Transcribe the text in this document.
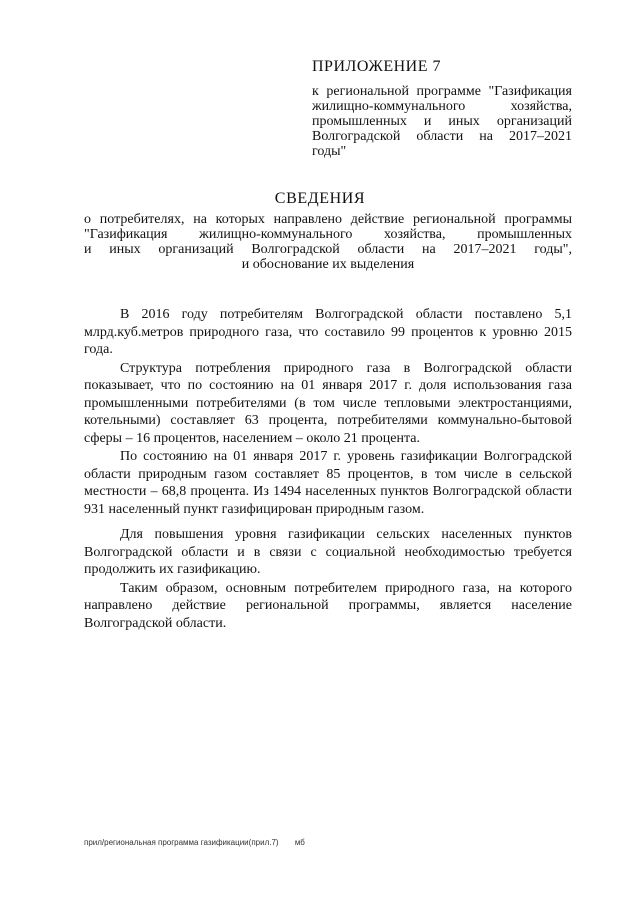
ПРИЛОЖЕНИЕ 7
к региональной программе "Газификация жилищно-коммунального хозяйства, промышленных и иных организаций Волгоградской области на 2017–2021 годы"
СВЕДЕНИЯ
о потребителях, на которых направлено действие региональной программы
"Газификация жилищно-коммунального хозяйства, промышленных
и иных организаций Волгоградской области на 2017–2021 годы",
и обоснование их выделения

В 2016 году потребителям Волгоградской области поставлено 5,1 млрд.куб.метров природного газа, что составило 99 процентов к уровню 2015 года.

Структура потребления природного газа в Волгоградской области показывает, что по состоянию на 01 января 2017 г. доля использования газа промышленными потребителями (в том числе тепловыми электростанциями, котельными) составляет 63 процента, потребителями коммунально-бытовой сферы – 16 процентов, населением – около 21 процента.

По состоянию на 01 января 2017 г. уровень газификации Волгоградской области природным газом составляет 85 процентов, в том числе в сельской местности – 68,8 процента. Из 1494 населенных пунктов Волгоградской области 931 населенный пункт газифицирован природным газом.

Для повышения уровня газификации сельских населенных пунктов Волгоградской области и в связи с социальной необходимостью требуется продолжить их газификацию.

Таким образом, основным потребителем природного газа, на которого направлено действие региональной программы, является население Волгоградской области.

прил/региональная программа газификации(прил.7) мб
